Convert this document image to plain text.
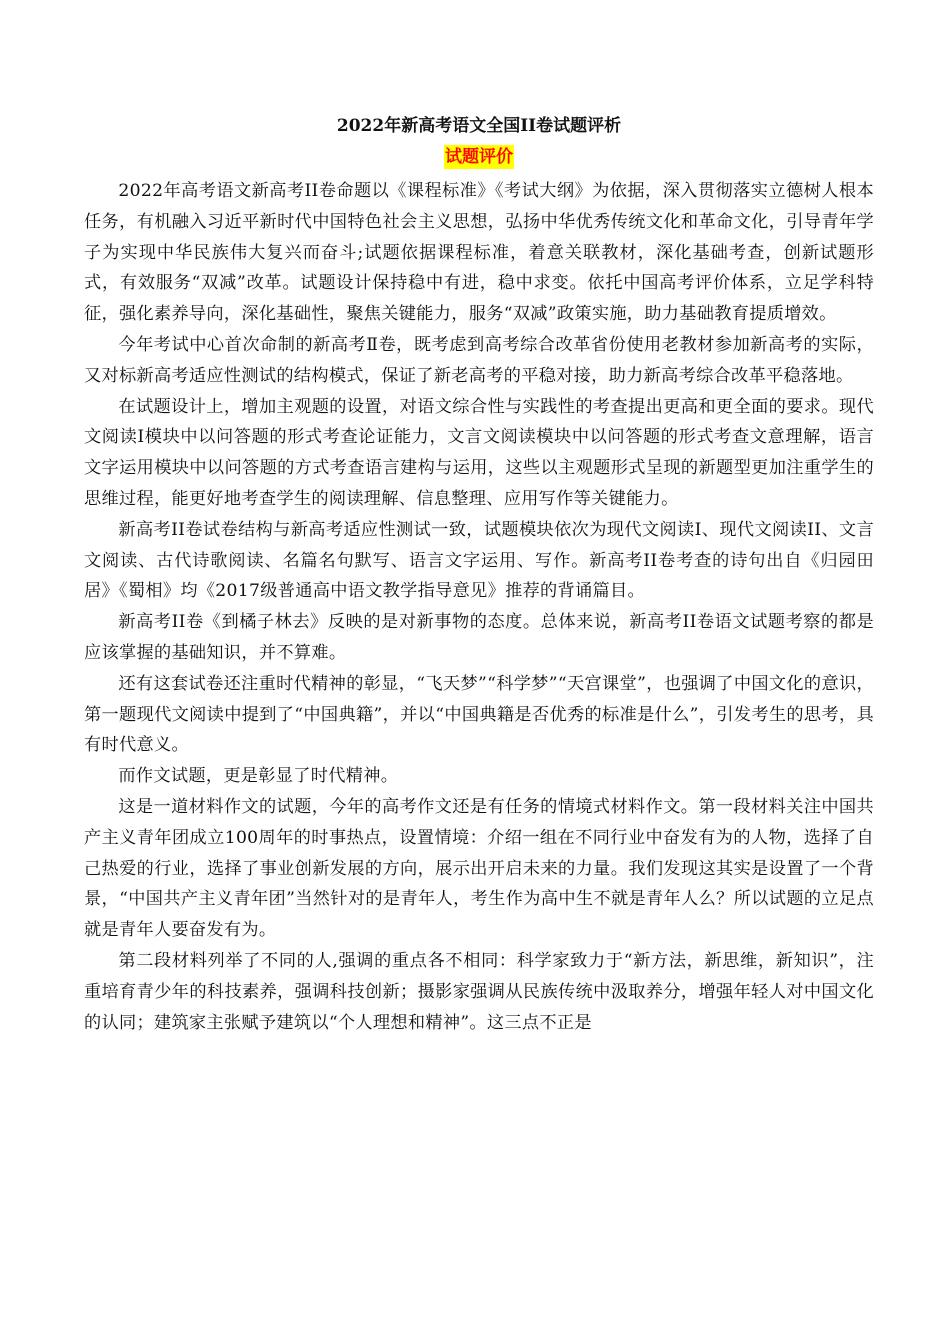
2022年新高考语文全国II卷试题评析
试题评价

2022年高考语文新高考II卷命题以《课程标准》《考试大纲》为依据，深入贯彻落实立德树人根本任务，有机融入习近平新时代中国特色社会主义思想，弘扬中华优秀传统文化和革命文化，引导青年学子为实现中华民族伟大复兴而奋斗;试题依据课程标准，着意关联教材，深化基础考查，创新试题形式，有效服务“双减”改革。试题设计保持稳中有进，稳中求变。依托中国高考评价体系，立足学科特征，强化素养导向，深化基础性，聚焦关键能力，服务“双减”政策实施，助力基础教育提质增效。

今年考试中心首次命制的新高考Ⅱ卷，既考虑到高考综合改革省份使用老教材参加新高考的实际，又对标新高考适应性测试的结构模式，保证了新老高考的平稳对接，助力新高考综合改革平稳落地。

在试题设计上，增加主观题的设置，对语文综合性与实践性的考查提出更高和更全面的要求。现代文阅读I模块中以问答题的形式考查论证能力，文言文阅读模块中以问答题的形式考查文意理解，语言文字运用模块中以问答题的方式考查语言建构与运用，这些以主观题形式呈现的新题型更加注重学生的思维过程，能更好地考查学生的阅读理解、信息整理、应用写作等关键能力。

新高考II卷试卷结构与新高考适应性测试一致，试题模块依次为现代文阅读I、现代文阅读II、文言文阅读、古代诗歌阅读、名篇名句默写、语言文字运用、写作。新高考II卷考查的诗句出自《归园田居》《蜀相》均《2017级普通高中语文教学指导意见》推荐的背诵篇目。

新高考II卷《到橘子林去》反映的是对新事物的态度。总体来说，新高考II卷语文试题考察的都是应该掌握的基础知识，并不算难。

还有这套试卷还注重时代精神的彰显，“飞天梦”“科学梦”“天宫课堂”，也强调了中国文化的意识，第一题现代文阅读中提到了“中国典籍”，并以“中国典籍是否优秀的标准是什么”，引发考生的思考，具有时代意义。

而作文试题，更是彰显了时代精神。

这是一道材料作文的试题，今年的高考作文还是有任务的情境式材料作文。第一段材料关注中国共产主义青年团成立100周年的时事热点，设置情境：介绍一组在不同行业中奋发有为的人物，选择了自己热爱的行业，选择了事业创新发展的方向，展示出开启未来的力量。我们发现这其实是设置了一个背景，“中国共产主义青年团”当然针对的是青年人，考生作为高中生不就是青年人么？所以试题的立足点就是青年人要奋发有为。

第二段材料列举了不同的人,强调的重点各不相同：科学家致力于“新方法，新思维，新知识”，注重培育青少年的科技素养，强调科技创新；摄影家强调从民族传统中汲取养分，增强年轻人对中国文化的认同；建筑家主张赋予建筑以“个人理想和精神”。这三点不正是
